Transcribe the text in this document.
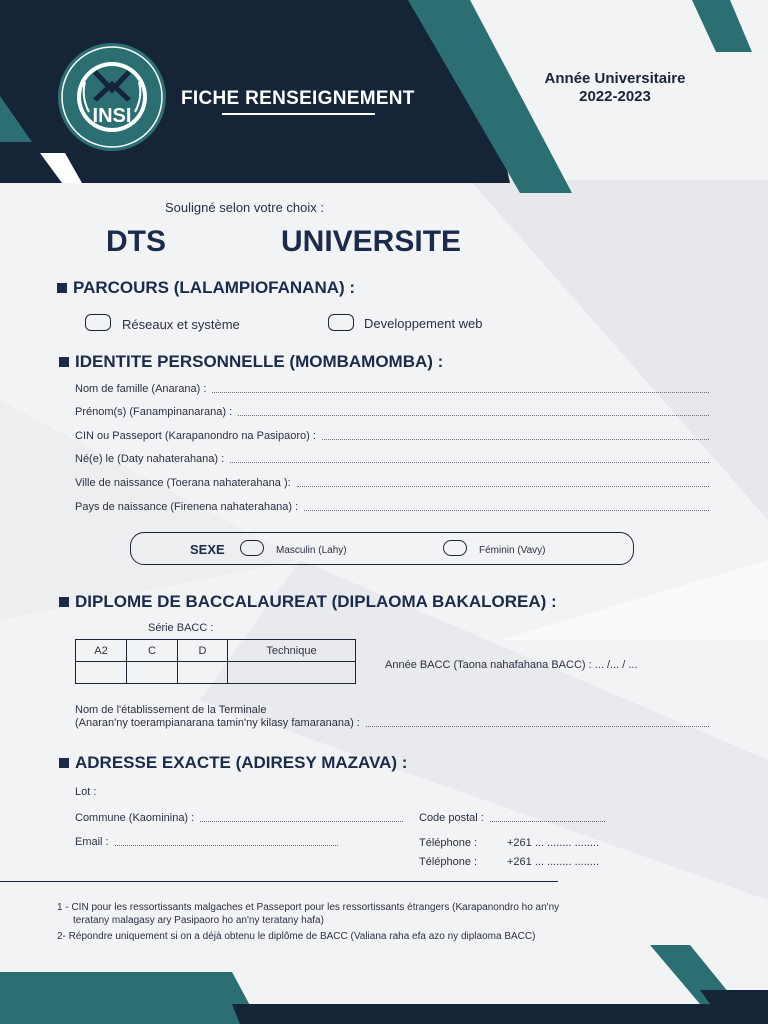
INSI
FICHE RENSEIGNEMENT
Année Universitaire
2022-2023
Souligné selon votre choix :
DTS	UNIVERSITE
PARCOURS (LALAMPIOFANANA) :
Réseaux et système	Developpement web
IDENTITE PERSONNELLE (MOMBAMOMBA) :
Nom de famille (Anarana) :
Prénom(s) (Fanampinanarana) :
CIN ou Passeport (Karapanondro na Pasipaoro) :
Né(e) le (Daty nahaterahana) :
Ville de naissance (Toerana nahaterahana ):
Pays de naissance (Firenena nahaterahana) :
SEXE	Masculin (Lahy)	Féminin (Vavy)
DIPLOME DE BACCALAUREAT (DIPLAOMA BAKALOREA) :
Série BACC :
A2	C	D	Technique

Année BACC (Taona nahafahana BACC) : ... /... / ...
Nom de l'établissement de la Terminale
(Anaran'ny toerampianarana tamin'ny kilasy famaranana) :
ADRESSE EXACTE (ADIRESY MAZAVA) :
Lot :
Commune (Kaominina) :	Code postal :
Email :	Téléphone :	+261 ... ........ ........
Téléphone :	+261 ... ........ ........
1 - CIN pour les ressortissants malgaches et Passeport pour les ressortissants étrangers (Karapanondro ho an'ny
teratany malagasy ary Pasipaoro ho an'ny teratany hafa)
2- Répondre uniquement si on a déjà obtenu le diplôme de BACC (Valiana raha efa azo ny diplaoma BACC)
